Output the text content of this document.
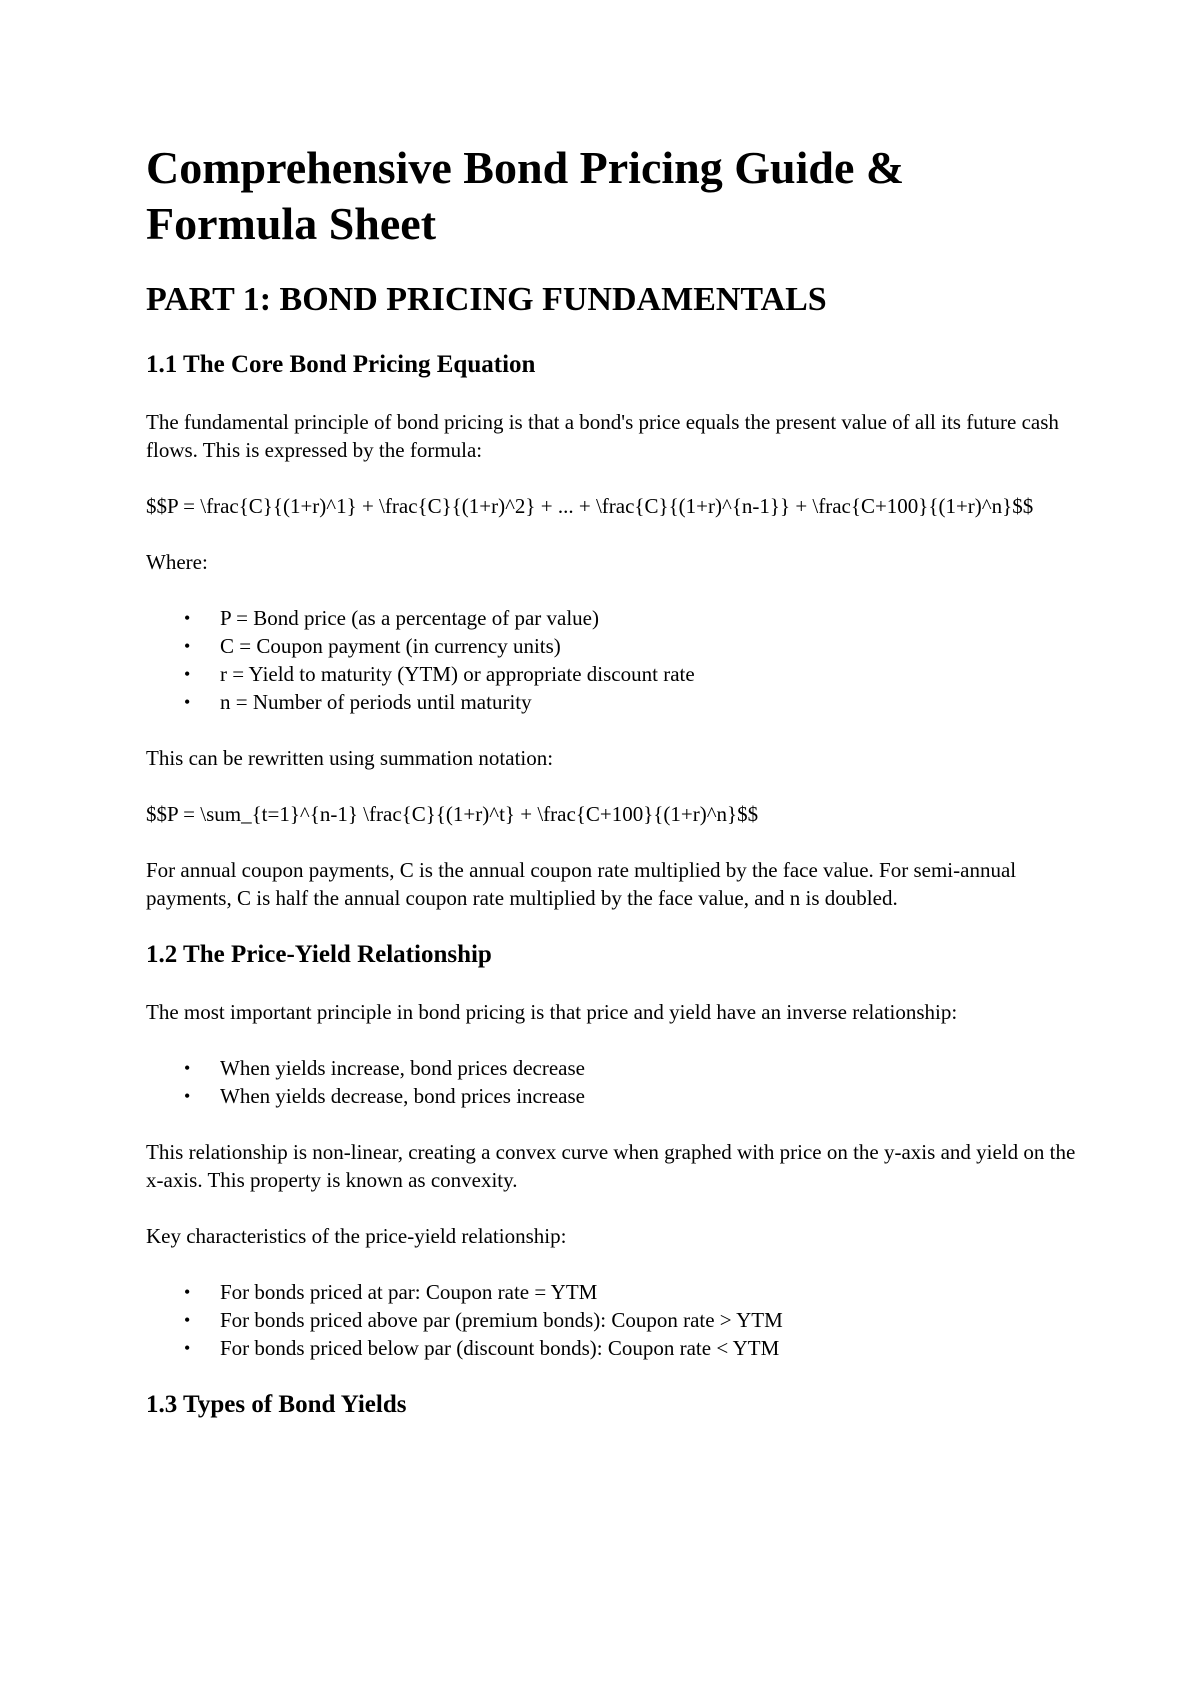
Comprehensive Bond Pricing Guide & Formula Sheet
PART 1: BOND PRICING FUNDAMENTALS
1.1 The Core Bond Pricing Equation

The fundamental principle of bond pricing is that a bond's price equals the present value of all its future cash flows. This is expressed by the formula:

$$P = \frac{C}{(1+r)^1} + \frac{C}{(1+r)^2} + ... + \frac{C}{(1+r)^{n-1}} + \frac{C+100}{(1+r)^n}$$

Where:

• P = Bond price (as a percentage of par value)
• C = Coupon payment (in currency units)
• r = Yield to maturity (YTM) or appropriate discount rate
• n = Number of periods until maturity

This can be rewritten using summation notation:

$$P = \sum_{t=1}^{n-1} \frac{C}{(1+r)^t} + \frac{C+100}{(1+r)^n}$$

For annual coupon payments, C is the annual coupon rate multiplied by the face value. For semi-annual payments, C is half the annual coupon rate multiplied by the face value, and n is doubled.

1.2 The Price-Yield Relationship

The most important principle in bond pricing is that price and yield have an inverse relationship:

• When yields increase, bond prices decrease
• When yields decrease, bond prices increase

This relationship is non-linear, creating a convex curve when graphed with price on the y-axis and yield on the x-axis. This property is known as convexity.

Key characteristics of the price-yield relationship:

• For bonds priced at par: Coupon rate = YTM
• For bonds priced above par (premium bonds): Coupon rate > YTM
• For bonds priced below par (discount bonds): Coupon rate < YTM
1.3 Types of Bond Yields
